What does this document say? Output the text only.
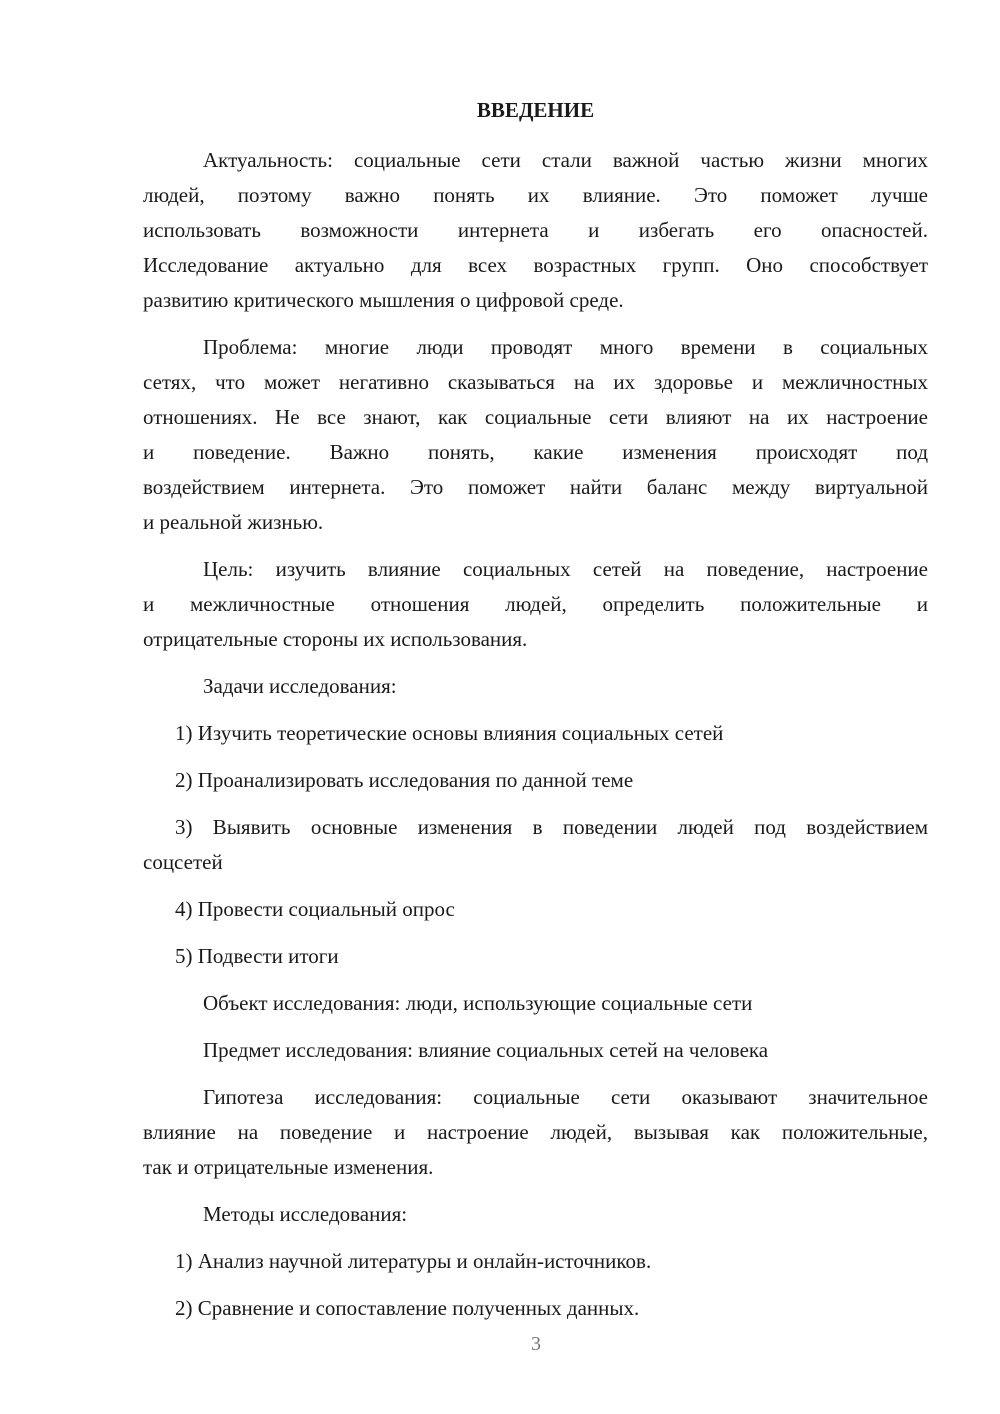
ВВЕДЕНИЕ
Актуальность: социальные сети стали важной частью жизни многих
людей, поэтому важно понять их влияние. Это поможет лучше
использовать возможности интернета и избегать его опасностей.
Исследование актуально для всех возрастных групп. Оно способствует
развитию критического мышления о цифровой среде.
Проблема: многие люди проводят много времени в социальных
сетях, что может негативно сказываться на их здоровье и межличностных
отношениях. Не все знают, как социальные сети влияют на их настроение
и поведение. Важно понять, какие изменения происходят под
воздействием интернета. Это поможет найти баланс между виртуальной
и реальной жизнью.
Цель: изучить влияние социальных сетей на поведение, настроение
и межличностные отношения людей, определить положительные и
отрицательные стороны их использования.
Задачи исследования:
1) Изучить теоретические основы влияния социальных сетей
2) Проанализировать исследования по данной теме
3) Выявить основные изменения в поведении людей под воздействием
соцсетей
4) Провести социальный опрос
5) Подвести итоги
Объект исследования: люди, использующие социальные сети
Предмет исследования: влияние социальных сетей на человека
Гипотеза исследования: социальные сети оказывают значительное
влияние на поведение и настроение людей, вызывая как положительные,
так и отрицательные изменения.
Методы исследования:
1) Анализ научной литературы и онлайн-источников.
2) Сравнение и сопоставление полученных данных.
3
